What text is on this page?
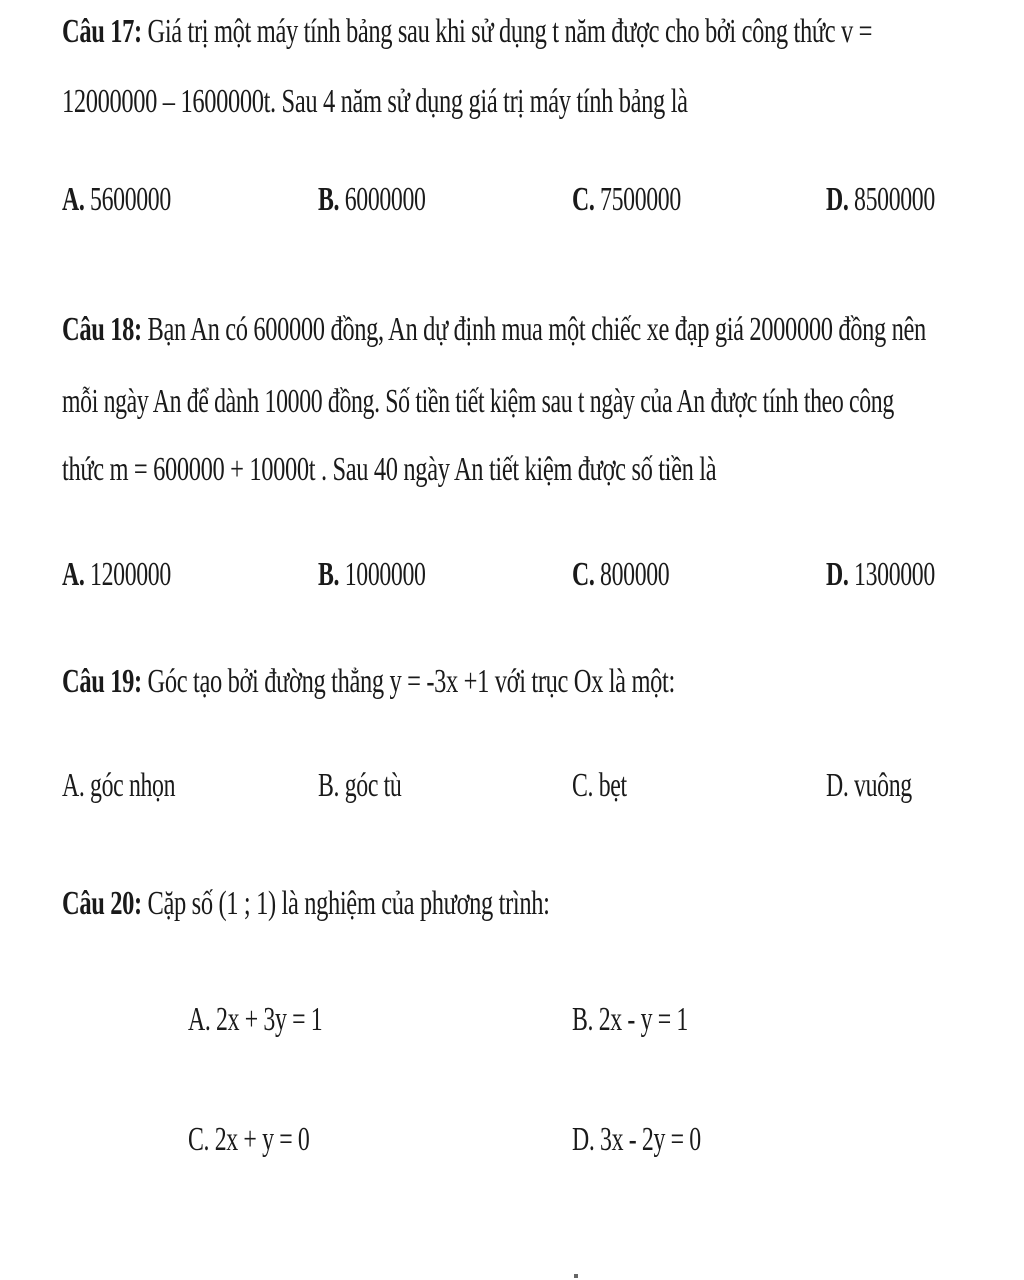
Câu 17: Giá trị một máy tính bảng sau khi sử dụng t năm được cho bởi công thức v =
12000000 – 1600000t. Sau 4 năm sử dụng giá trị máy tính bảng là
A. 5600000	B. 6000000	C. 7500000	D. 8500000
Câu 18: Bạn An có 600000 đồng, An dự định mua một chiếc xe đạp giá 2000000 đồng nên
mỗi ngày An để dành 10000 đồng. Số tiền tiết kiệm sau t ngày của An được tính theo công
thức m = 600000 + 10000t . Sau 40 ngày An tiết kiệm được số tiền là
A. 1200000	B. 1000000	C. 800000	D. 1300000
Câu 19: Góc tạo bởi đường thẳng y = -3x +1 với trục Ox là một:
A. góc nhọn	B. góc tù	C. bẹt	D. vuông
Câu 20: Cặp số (1 ; 1) là nghiệm của phương trình:
A. 2x + 3y = 1	B. 2x - y = 1
C. 2x + y = 0	D. 3x - 2y = 0
